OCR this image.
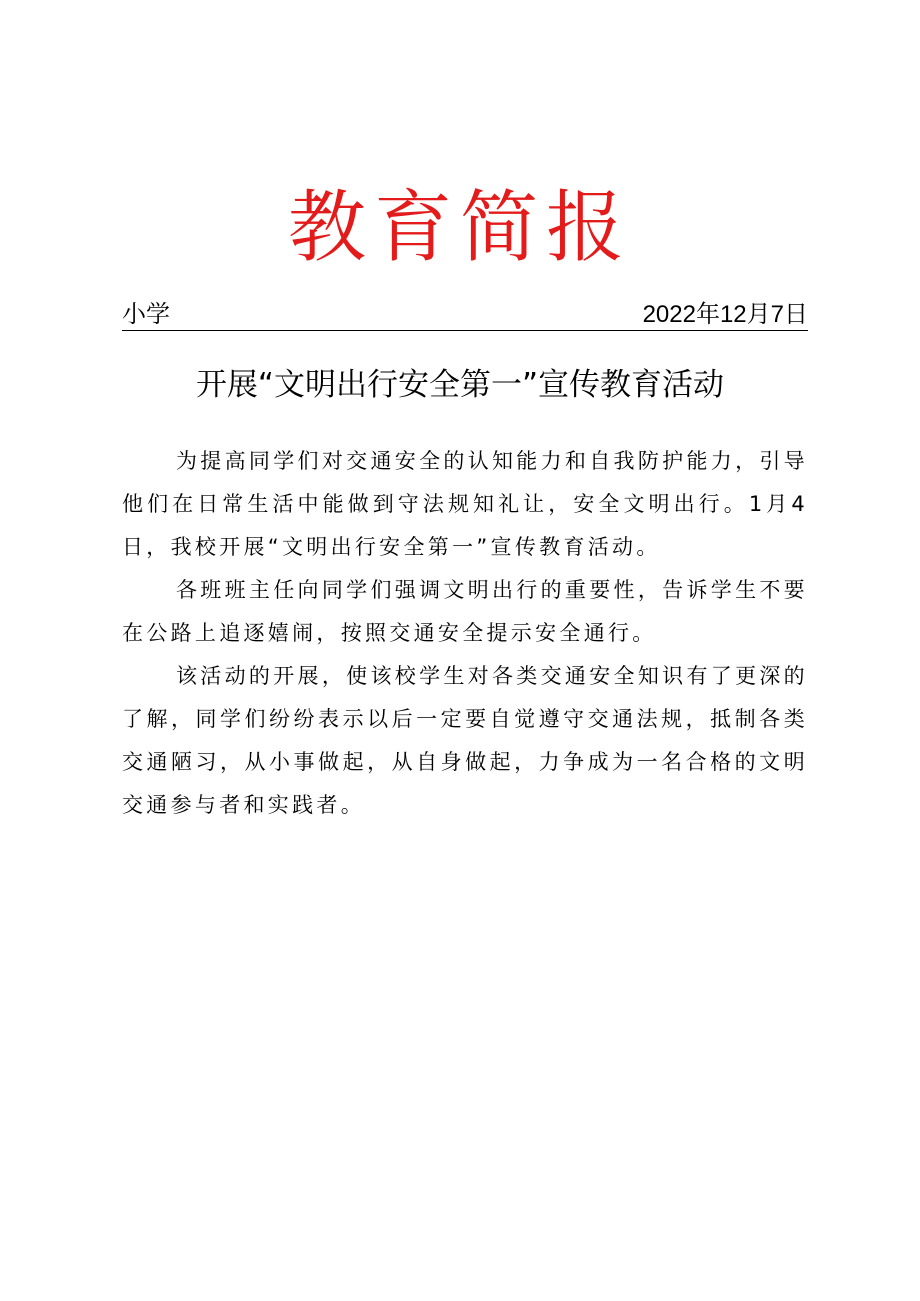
教育简报
小学	2022年12月7日
开展“文明出行安全第一”宣传教育活动

为提高同学们对交通安全的认知能力和自我防护能力，引导他们在日常生活中能做到守法规知礼让，安全文明出行。1月4日，我校开展“文明出行安全第一”宣传教育活动。

各班班主任向同学们强调文明出行的重要性，告诉学生不要在公路上追逐嬉闹，按照交通安全提示安全通行。

该活动的开展，使该校学生对各类交通安全知识有了更深的了解，同学们纷纷表示以后一定要自觉遵守交通法规，抵制各类交通陋习，从小事做起，从自身做起，力争成为一名合格的文明交通参与者和实践者。
